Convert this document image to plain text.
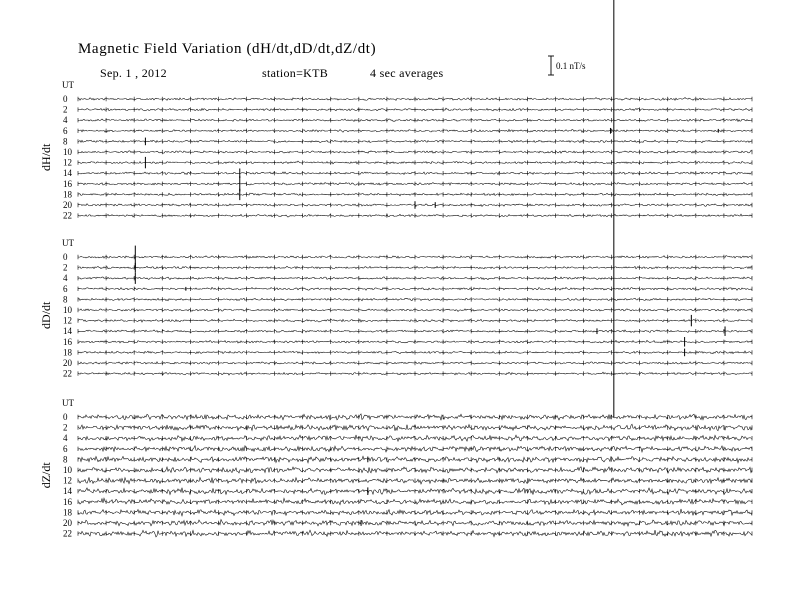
Magnetic Field Variation (dH/dt,dD/dt,dZ/dt)
Sep. 1 , 2012	station=KTB	4 sec averages	0.1 nT/s
UT
dH/dt
0
2
4
6
8
10
12
14
16
18
20
22
UT
dD/dt
0
2
4
6
8
10
12
14
16
18
20
22
UT
dZ/dt
0
2
4
6
8
10
12
14
16
18
20
22
